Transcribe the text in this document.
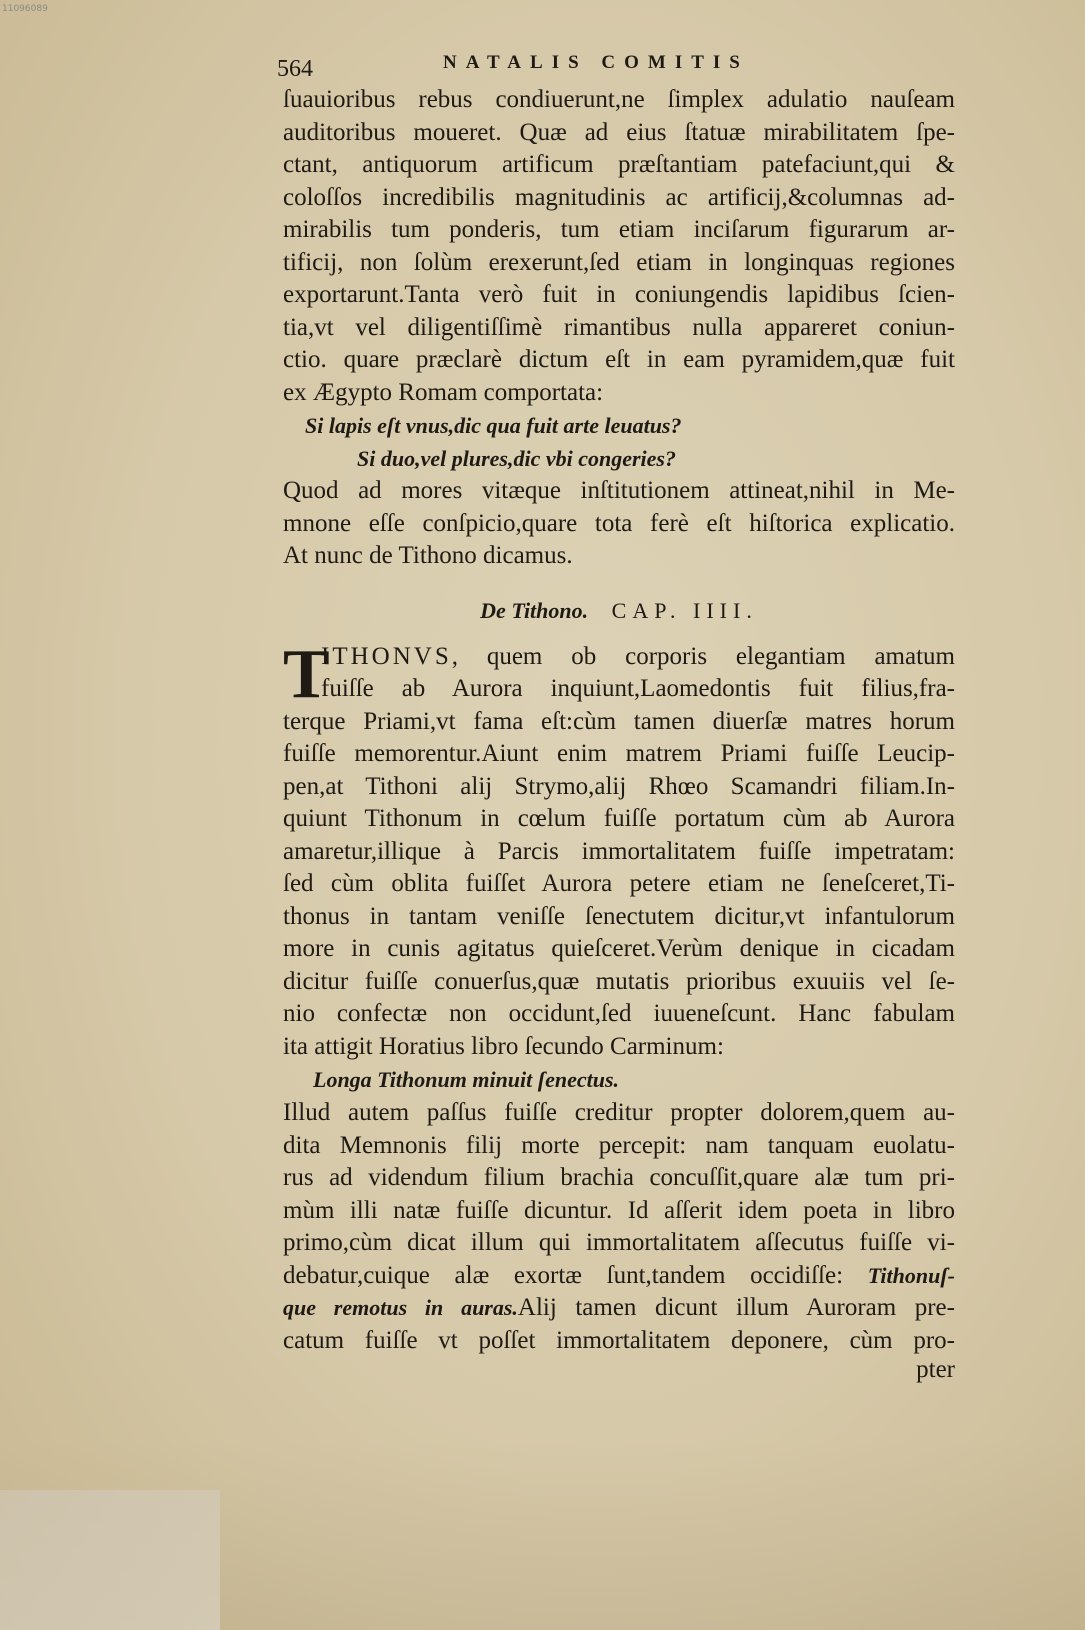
11096089
564	NATALIS COMITIS
ſuauioribus rebus condiuerunt,ne ſimplex adulatio nauſeam
auditoribus moueret. Quæ ad eius ſtatuæ mirabilitatem ſpe-
ctant, antiquorum artificum præſtantiam patefaciunt,qui &
coloſſos incredibilis magnitudinis ac artificij,&columnas ad-
mirabilis tum ponderis, tum etiam inciſarum figurarum ar-
tificij, non ſolùm erexerunt,ſed etiam in longinquas regiones
exportarunt.Tanta verò fuit in coniungendis lapidibus ſcien-
tia,vt vel diligentiſſimè rimantibus nulla appareret coniun-
ctio. quare præclarè dictum eſt in eam pyramidem,quæ fuit
ex Ægypto Romam comportata:
Si lapis eſt vnus,dic qua fuit arte leuatus?
Si duo,vel plures,dic vbi congeries?
Quod ad mores vitæque inſtitutionem attineat,nihil in Me-
mnone eſſe conſpicio,quare tota ferè eſt hiſtorica explicatio.
At nunc de Tithono dicamus.
De Tithono. CAP. IIII.
T
ITHONVS, quem ob corporis elegantiam amatum
fuiſſe ab Aurora inquiunt,Laomedontis fuit filius,fra-
terque Priami,vt fama eſt:cùm tamen diuerſæ matres horum
fuiſſe memorentur.Aiunt enim matrem Priami fuiſſe Leucip-
pen,at Tithoni alij Strymo,alij Rhœo Scamandri filiam.In-
quiunt Tithonum in cœlum fuiſſe portatum cùm ab Aurora
amaretur,illique à Parcis immortalitatem fuiſſe impetratam:
ſed cùm oblita fuiſſet Aurora petere etiam ne ſeneſceret,Ti-
thonus in tantam veniſſe ſenectutem dicitur,vt infantulorum
more in cunis agitatus quieſceret.Verùm denique in cicadam
dicitur fuiſſe conuerſus,quæ mutatis prioribus exuuiis vel ſe-
nio confectæ non occidunt,ſed iuueneſcunt. Hanc fabulam
ita attigit Horatius libro ſecundo Carminum:
Longa Tithonum minuit ſenectus.
Illud autem paſſus fuiſſe creditur propter dolorem,quem au-
dita Memnonis filij morte percepit: nam tanquam euolatu-
rus ad videndum filium brachia concuſſit,quare alæ tum pri-
mùm illi natæ fuiſſe dicuntur. Id aſſerit idem poeta in libro
primo,cùm dicat illum qui immortalitatem aſſecutus fuiſſe vi-
debatur,cuique alæ exortæ ſunt,tandem occidiſſe: Tithonuſ-
que remotus in auras.Alij tamen dicunt illum Auroram pre-
catum fuiſſe vt poſſet immortalitatem deponere, cùm pro-
pter
